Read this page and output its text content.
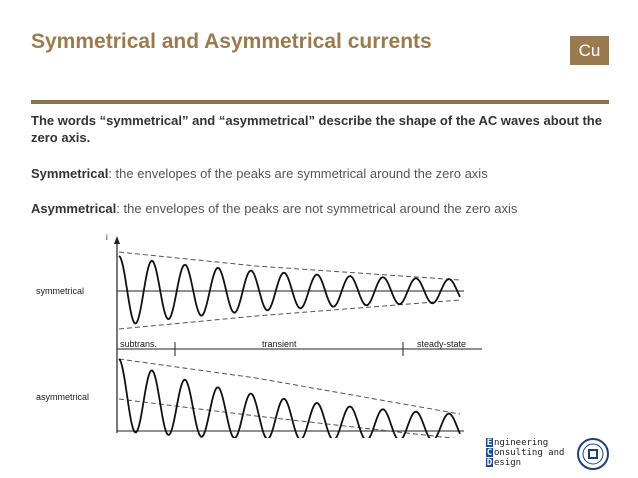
Symmetrical and Asymmetrical currents	Cu

The words “symmetrical” and “asymmetrical” describe the shape of the AC waves about the zero axis.

Symmetrical: the envelopes of the peaks are symmetrical around the zero axis

Asymmetrical: the envelopes of the peaks are not symmetrical around the zero axis

i
symmetrical
subtrans.	transient	steady-state
asymmetrical
E ngineering
C onsulting and
D esign
